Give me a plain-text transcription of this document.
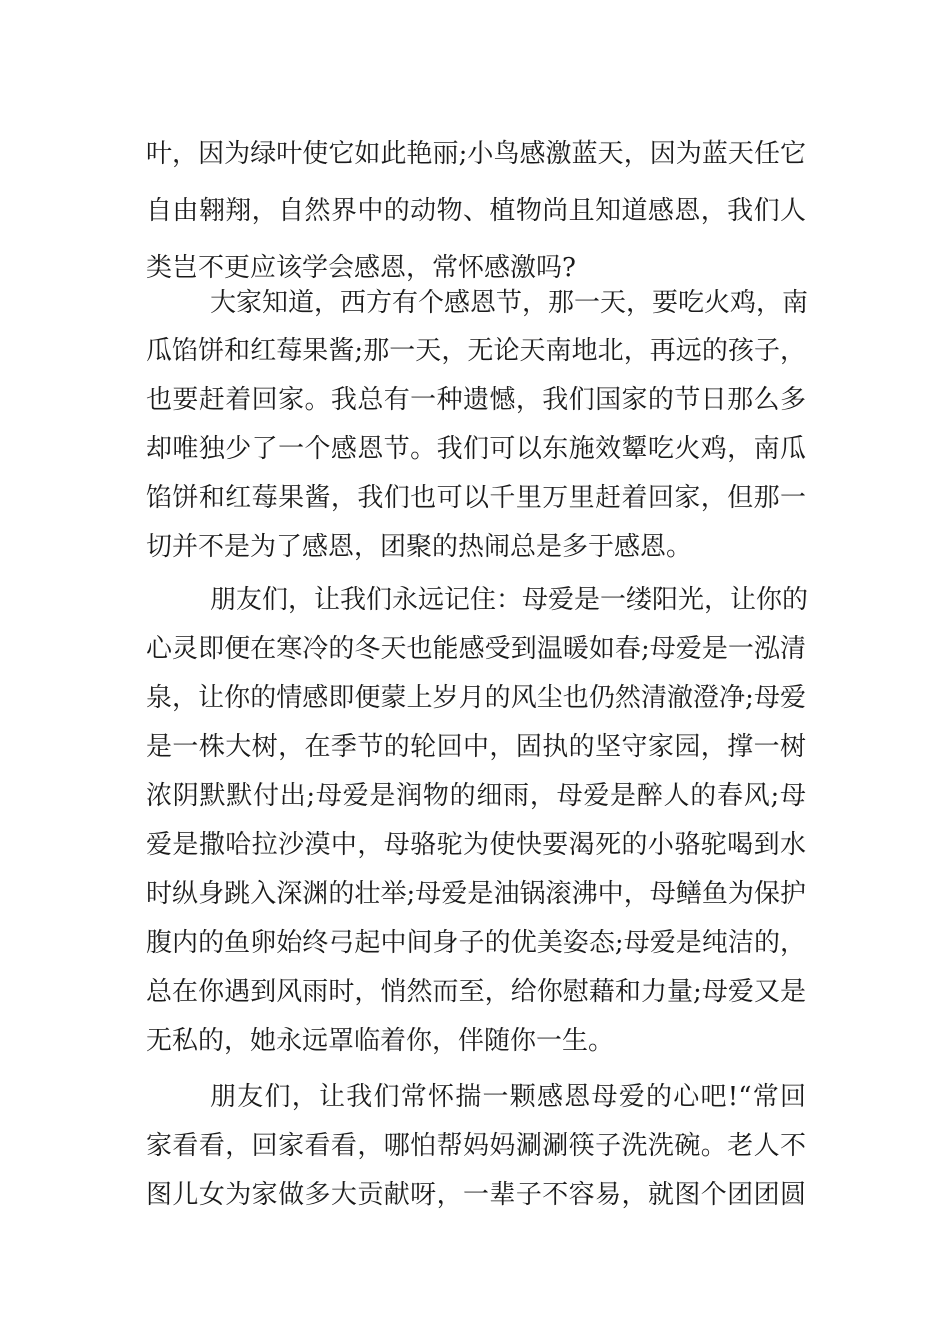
叶，因为绿叶使它如此艳丽;小鸟感激蓝天，因为蓝天任它
自由翱翔，自然界中的动物、植物尚且知道感恩，我们人
类岂不更应该学会感恩，常怀感激吗?
大家知道，西方有个感恩节，那一天，要吃火鸡，南
瓜馅饼和红莓果酱;那一天，无论天南地北，再远的孩子，
也要赶着回家。我总有一种遗憾，我们国家的节日那么多
却唯独少了一个感恩节。我们可以东施效颦吃火鸡，南瓜
馅饼和红莓果酱，我们也可以千里万里赶着回家，但那一
切并不是为了感恩，团聚的热闹总是多于感恩。
朋友们，让我们永远记住：母爱是一缕阳光，让你的
心灵即便在寒冷的冬天也能感受到温暖如春;母爱是一泓清
泉，让你的情感即便蒙上岁月的风尘也仍然清澈澄净;母爱
是一株大树，在季节的轮回中，固执的坚守家园，撑一树
浓阴默默付出;母爱是润物的细雨，母爱是醉人的春风;母
爱是撒哈拉沙漠中，母骆驼为使快要渴死的小骆驼喝到水
时纵身跳入深渊的壮举;母爱是油锅滚沸中，母鳝鱼为保护
腹内的鱼卵始终弓起中间身子的优美姿态;母爱是纯洁的，
总在你遇到风雨时，悄然而至，给你慰藉和力量;母爱又是
无私的，她永远罩临着你，伴随你一生。
朋友们，让我们常怀揣一颗感恩母爱的心吧!“常回
家看看，回家看看，哪怕帮妈妈涮涮筷子洗洗碗。老人不
图儿女为家做多大贡献呀，一辈子不容易，就图个团团圆
